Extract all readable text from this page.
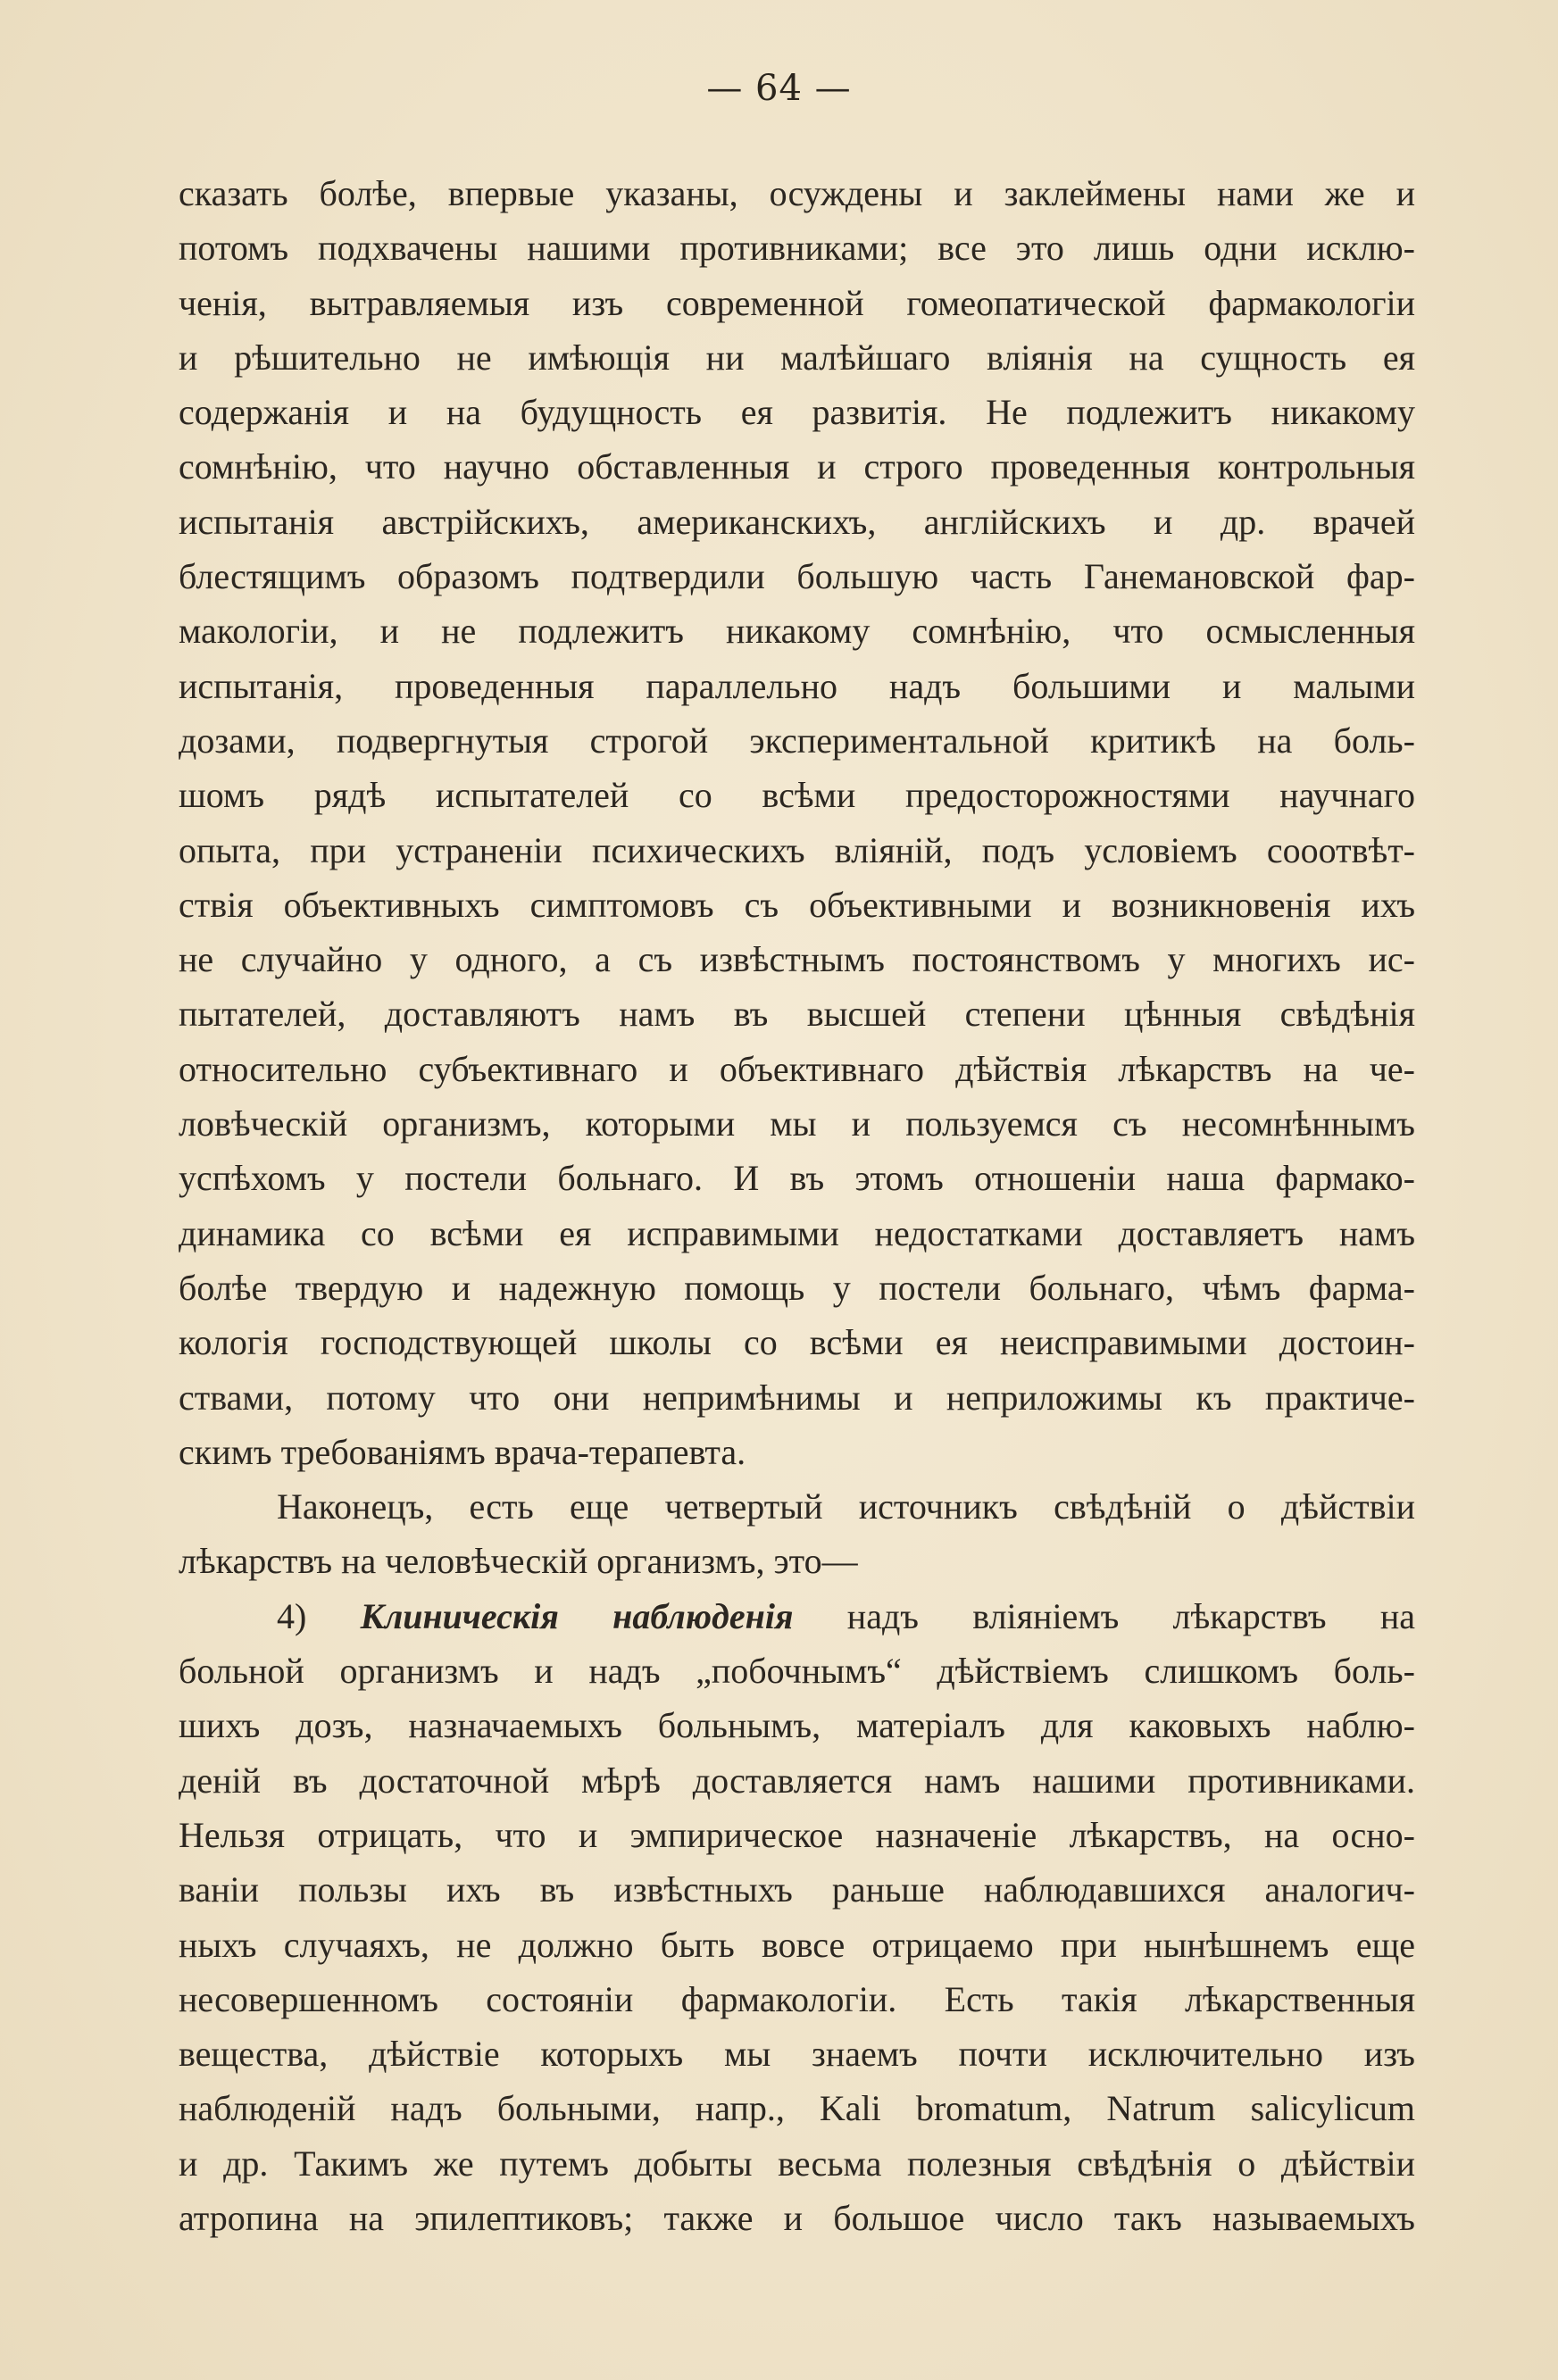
— 64 —
сказать болѣе, впервые указаны, осуждены и заклеймены нами же и
потомъ подхвачены нашими противниками; все это лишь одни исклю-
ченія, вытравляемыя изъ современной гомеопатической фармакологіи
и рѣшительно не имѣющія ни малѣйшаго вліянія на сущность ея
содержанія и на будущность ея развитія. Не подлежитъ никакому
сомнѣнію, что научно обставленныя и строго проведенныя контрольныя
испытанія австрійскихъ, американскихъ, англійскихъ и др. врачей
блестящимъ образомъ подтвердили большую часть Ганемановской фар-
макологіи, и не подлежитъ никакому сомнѣнію, что осмысленныя
испытанія, проведенныя параллельно надъ большими и малыми
дозами, подвергнутыя строгой экспериментальной критикѣ на боль-
шомъ рядѣ испытателей со всѣми предосторожностями научнаго
опыта, при устраненіи психическихъ вліяній, подъ условіемъ сооотвѣт-
ствія объективныхъ симптомовъ съ объективными и возникновенія ихъ
не случайно у одного, а съ извѣстнымъ постоянствомъ у многихъ ис-
пытателей, доставляютъ намъ въ высшей степени цѣнныя свѣдѣнія
относительно субъективнаго и объективнаго дѣйствія лѣкарствъ на че-
ловѣческій организмъ, которыми мы и пользуемся съ несомнѣннымъ
успѣхомъ у постели больнаго. И въ этомъ отношеніи наша фармако-
динамика со всѣми ея исправимыми недостатками доставляетъ намъ
болѣе твердую и надежную помощь у постели больнаго, чѣмъ фарма-
кологія господствующей школы со всѣми ея неисправимыми достоин-
ствами, потому что они непримѣнимы и неприложимы къ практиче-
скимъ требованіямъ врача-терапевта.
Наконецъ, есть еще четвертый источникъ свѣдѣній о дѣйствіи
лѣкарствъ на человѣческій организмъ, это—
4) Клиническія наблюденія надъ вліяніемъ лѣкарствъ на
больной организмъ и надъ „побочнымъ“ дѣйствіемъ слишкомъ боль-
шихъ дозъ, назначаемыхъ больнымъ, матеріалъ для каковыхъ наблю-
деній въ достаточной мѣрѣ доставляется намъ нашими противниками.
Нельзя отрицать, что и эмпирическое назначеніе лѣкарствъ, на осно-
ваніи пользы ихъ въ извѣстныхъ раньше наблюдавшихся аналогич-
ныхъ случаяхъ, не должно быть вовсе отрицаемо при нынѣшнемъ еще
несовершенномъ состояніи фармакологіи. Есть такія лѣкарственныя
вещества, дѣйствіе которыхъ мы знаемъ почти исключительно изъ
наблюденій надъ больными, напр., Kali bromatum, Natrum salicylicum
и др. Такимъ же путемъ добыты весьма полезныя свѣдѣнія о дѣйствіи
атропина на эпилептиковъ; также и большое число такъ называемыхъ
